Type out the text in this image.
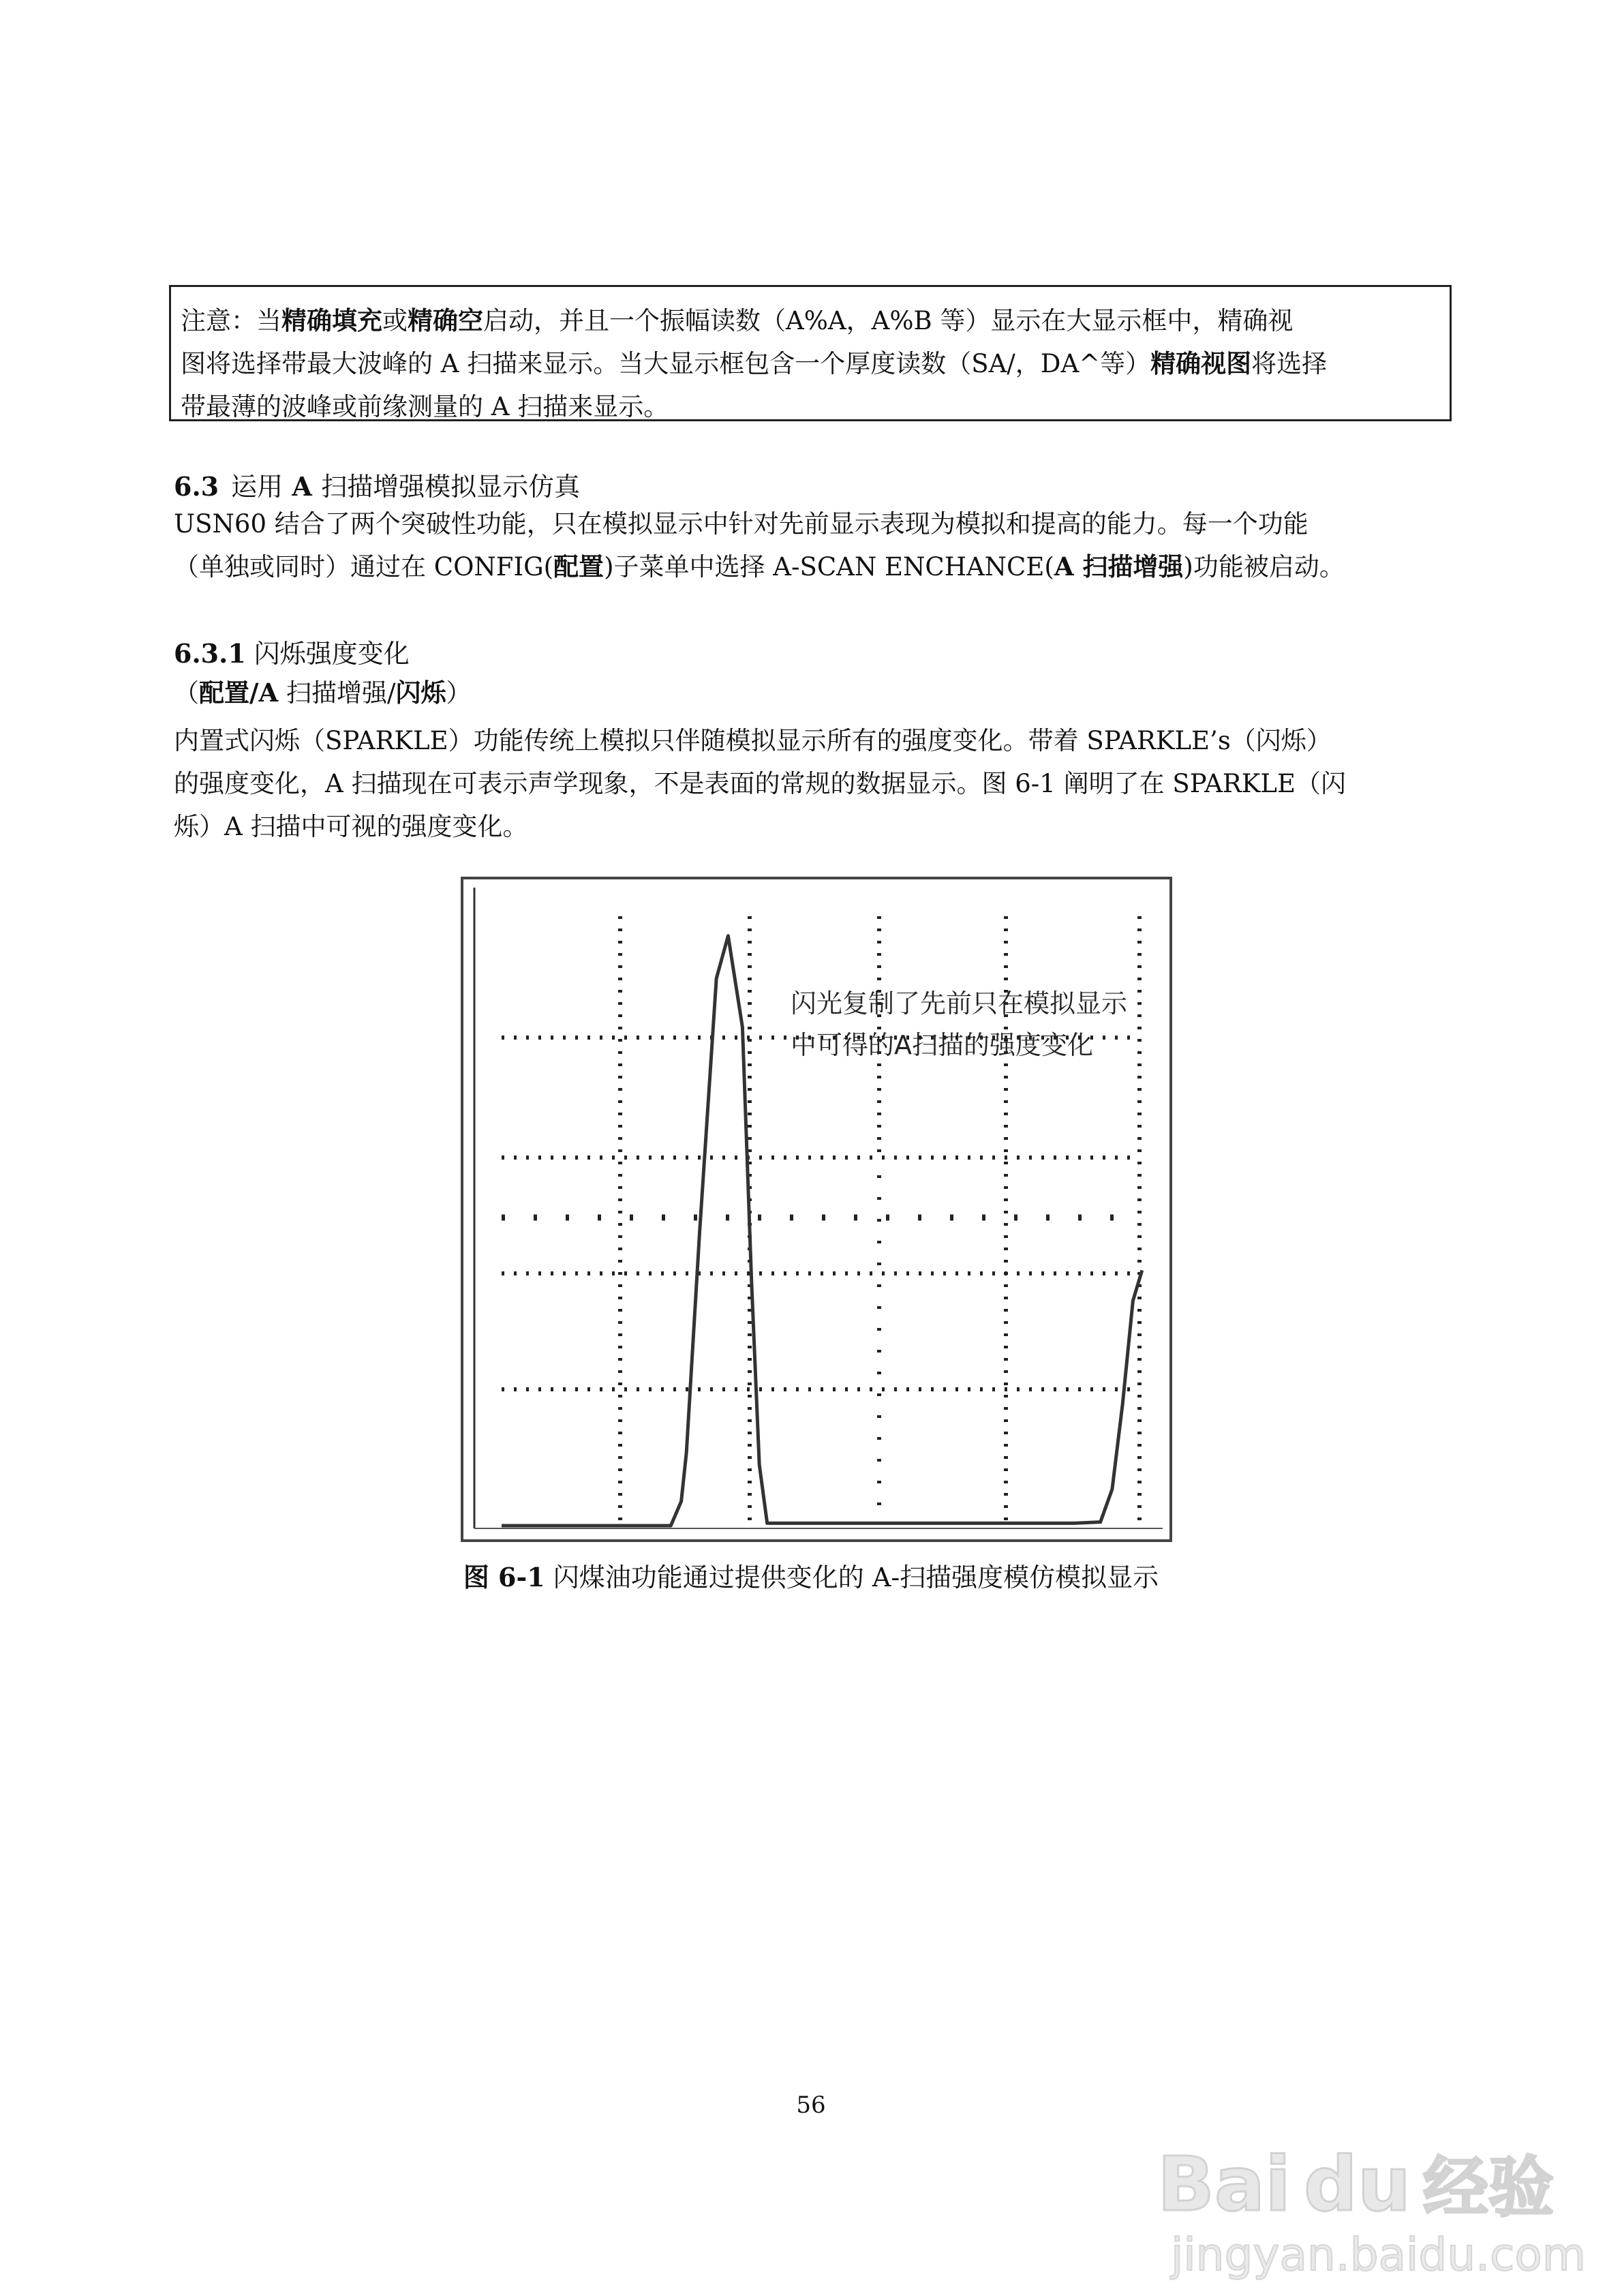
注意：当精确填充或精确空启动，并且一个振幅读数（A%A，A%B 等）显示在大显示框中，精确视
图将选择带最大波峰的 A 扫描来显示。当大显示框包含一个厚度读数（SA/，DA^等）精确视图将选择
带最薄的波峰或前缘测量的 A 扫描来显示。
6.3 运用 A 扫描增强模拟显示仿真
USN60 结合了两个突破性功能，只在模拟显示中针对先前显示表现为模拟和提高的能力。每一个功能
（单独或同时）通过在 CONFIG(配置)子菜单中选择 A-SCAN ENCHANCE(A 扫描增强)功能被启动。
6.3.1 闪烁强度变化
（配置/A 扫描增强/闪烁）
内置式闪烁（SPARKLE）功能传统上模拟只伴随模拟显示所有的强度变化。带着 SPARKLE’s（闪烁）
的强度变化，A 扫描现在可表示声学现象，不是表面的常规的数据显示。图 6-1 阐明了在 SPARKLE（闪
烁）A 扫描中可视的强度变化。
闪光复制了先前只在模拟显示
中可得的A扫描的强度变化
图 6-1 闪煤油功能通过提供变化的 A-扫描强度模仿模拟显示
56
Bai du 经验
jingyan.baidu.com
